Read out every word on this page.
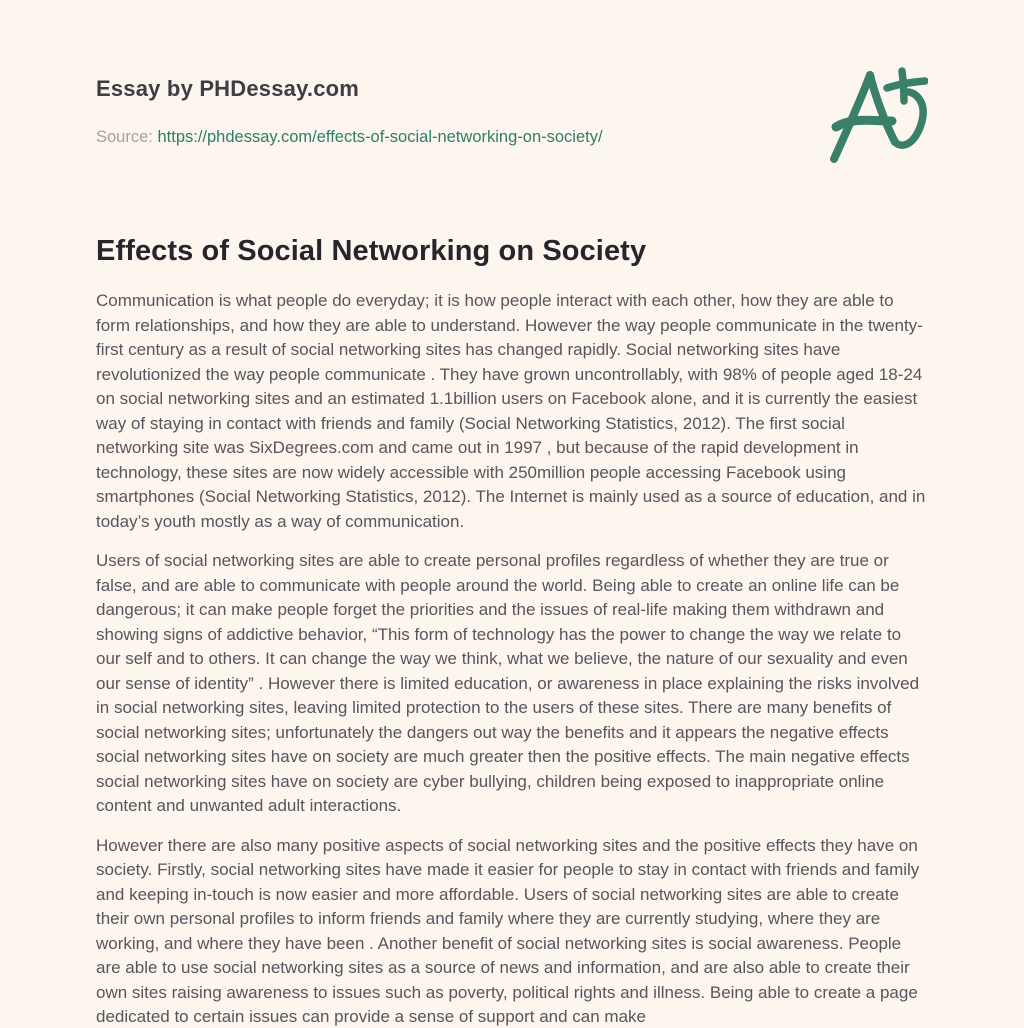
Essay by PHDessay.com
Source: https://phdessay.com/effects-of-social-networking-on-society/
Effects of Social Networking on Society

Communication is what people do everyday; it is how people interact with each other, how they are able to form relationships, and how they are able to understand. However the way people communicate in the twenty-first century as a result of social networking sites has changed rapidly. Social networking sites have revolutionized the way people communicate . They have grown uncontrollably, with 98% of people aged 18-24 on social networking sites and an estimated 1.1billion users on Facebook alone, and it is currently the easiest way of staying in contact with friends and family (Social Networking Statistics, 2012). The first social networking site was SixDegrees.com and came out in 1997 , but because of the rapid development in technology, these sites are now widely accessible with 250million people accessing Facebook using smartphones (Social Networking Statistics, 2012). The Internet is mainly used as a source of education, and in today’s youth mostly as a way of communication.

Users of social networking sites are able to create personal profiles regardless of whether they are true or false, and are able to communicate with people around the world. Being able to create an online life can be dangerous; it can make people forget the priorities and the issues of real-life making them withdrawn and showing signs of addictive behavior, “This form of technology has the power to change the way we relate to our self and to others. It can change the way we think, what we believe, the nature of our sexuality and even our sense of identity” . However there is limited education, or awareness in place explaining the risks involved in social networking sites, leaving limited protection to the users of these sites. There are many benefits of social networking sites; unfortunately the dangers out way the benefits and it appears the negative effects social networking sites have on society are much greater then the positive effects. The main negative effects social networking sites have on society are cyber bullying, children being exposed to inappropriate online content and unwanted adult interactions.

However there are also many positive aspects of social networking sites and the positive effects they have on society. Firstly, social networking sites have made it easier for people to stay in contact with friends and family and keeping in-touch is now easier and more affordable. Users of social networking sites are able to create their own personal profiles to inform friends and family where they are currently studying, where they are working, and where they have been . Another benefit of social networking sites is social awareness. People are able to use social networking sites as a source of news and information, and are also able to create their own sites raising awareness to issues such as poverty, political rights and illness. Being able to create a page dedicated to certain issues can provide a sense of support and can make
